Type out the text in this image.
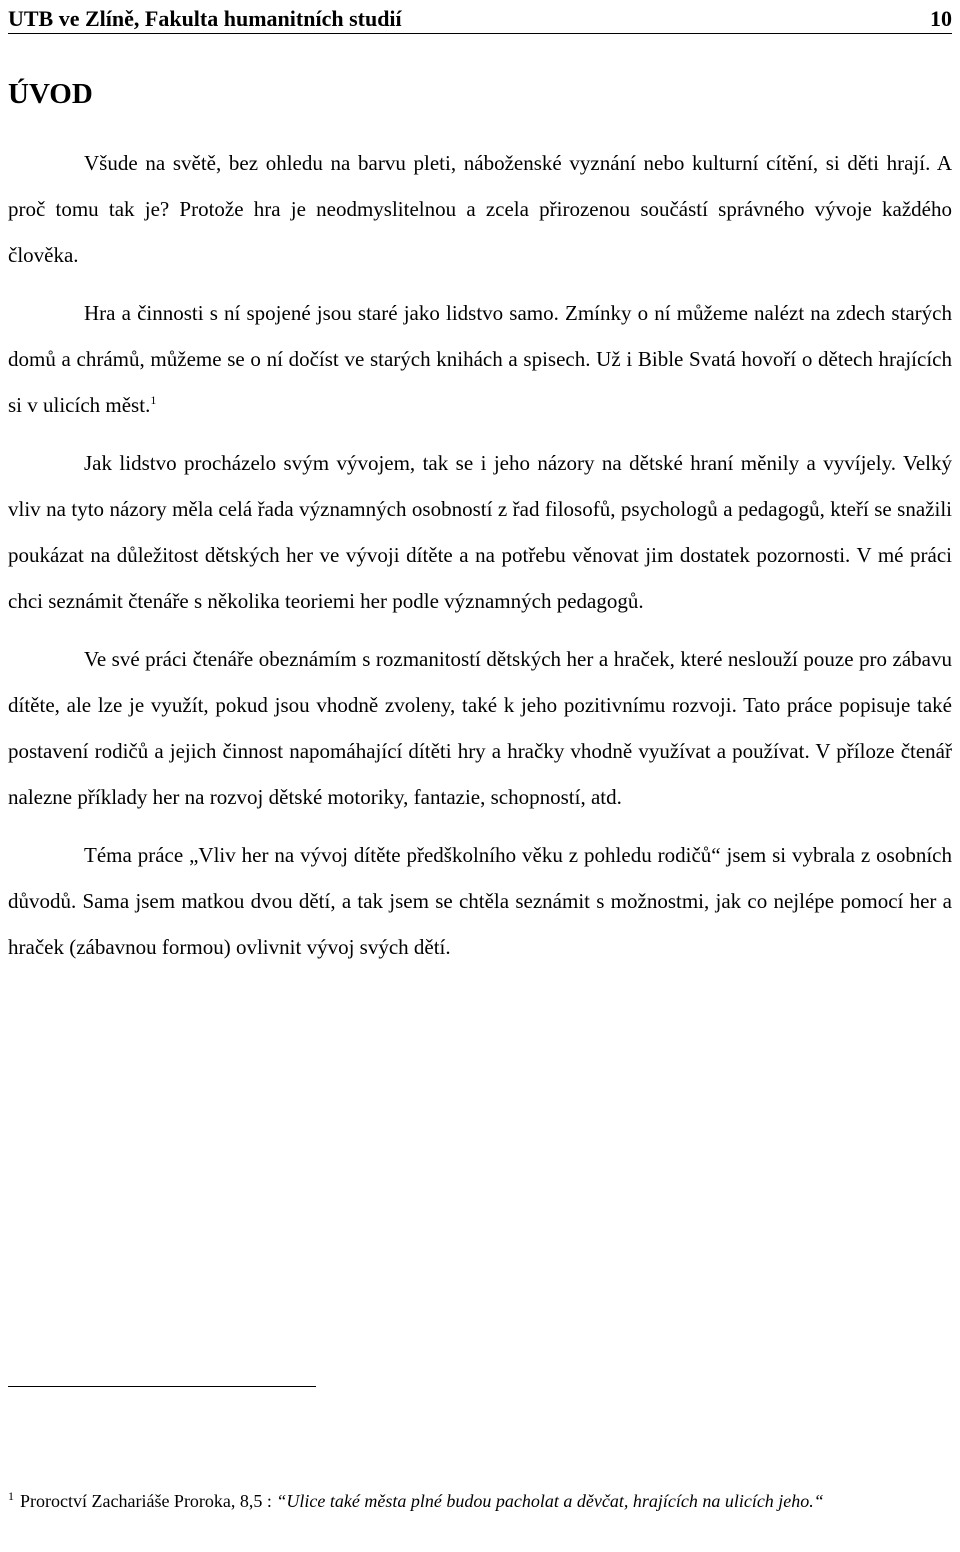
UTB ve Zlíně, Fakulta humanitních studií	10
ÚVOD

Všude na světě, bez ohledu na barvu pleti, náboženské vyznání nebo kulturní cítění, si děti hrají. A proč tomu tak je? Protože hra je neodmyslitelnou a zcela přirozenou součástí správného vývoje každého člověka.

Hra a činnosti s ní spojené jsou staré jako lidstvo samo. Zmínky o ní můžeme nalézt na zdech starých domů a chrámů, můžeme se o ní dočíst ve starých knihách a spisech. Už i Bible Svatá hovoří o dětech hrajících si v ulicích měst.$^1$

Jak lidstvo procházelo svým vývojem, tak se i jeho názory na dětské hraní měnily a vyvíjely. Velký vliv na tyto názory měla celá řada významných osobností z řad filosofů, psychologů a pedagogů, kteří se snažili poukázat na důležitost dětských her ve vývoji dítěte a na potřebu věnovat jim dostatek pozornosti. V mé práci chci seznámit čtenáře s několika teoriemi her podle významných pedagogů.

Ve své práci čtenáře obeznámím s rozmanitostí dětských her a hraček, které neslouží pouze pro zábavu dítěte, ale lze je využít, pokud jsou vhodně zvoleny, také k jeho pozitivnímu rozvoji. Tato práce popisuje také postavení rodičů a jejich činnost napomáhající dítěti hry a hračky vhodně využívat a používat. V příloze čtenář nalezne příklady her na rozvoj dětské motoriky, fantazie, schopností, atd.

Téma práce „Vliv her na vývoj dítěte předškolního věku z pohledu rodičů“ jsem si vybrala z osobních důvodů. Sama jsem matkou dvou dětí, a tak jsem se chtěla seznámit s možnostmi, jak co nejlépe pomocí her a hraček (zábavnou formou) ovlivnit vývoj svých dětí.

$^1$ Proroctví Zachariáše Proroka, 8,5 : “Ulice také města plné budou pacholat a děvčat, hrajících na ulicích jeho.“
